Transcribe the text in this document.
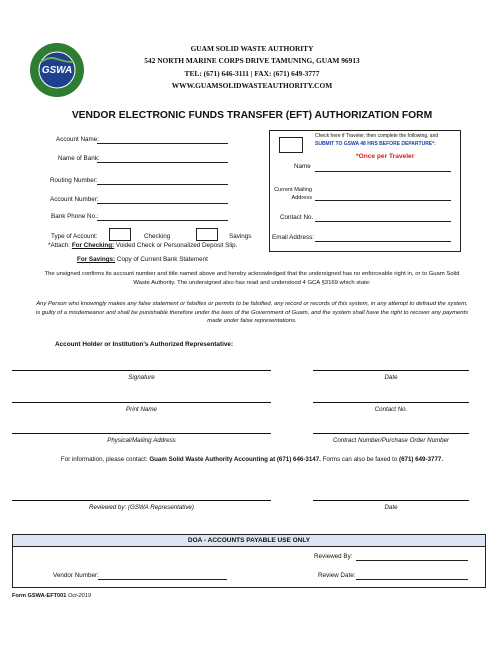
GSWA
GUAM SOLID WASTE AUTHORITY
542 NORTH MARINE CORPS DRIVE TAMUNING, GUAM 96913
TEL: (671) 646-3111 | FAX: (671) 649-3777
WWW.GUAMSOLIDWASTEAUTHORITY.COM
VENDOR ELECTRONIC FUNDS TRANSFER (EFT) AUTHORIZATION FORM
Account Name:
Name of Bank:
Routing Number:
Account Number:
Bank Phone No.:
Type of Account:	Checking	Savings
*Attach: For Checking: Voided Check or Personalized Deposit Slip.
For Savings: Copy of Current Bank Statement
Check here if Traveler, then complete the following, and
SUBMIT TO GSWA 48 HRS BEFORE DEPARTURE*:
*Once per Traveler
Name
Current Mailing
Address
Contact No.
Email Address:
The unsigned confirms its account number and title named above and hereby acknowledged that the undersigned has no enforceable right in, or to Guam Solid
Waste Authority. The undersigned also has read and understood 4 GCA §3169 which state:
Any Person who knowingly makes any false statement or falsifies or permits to be falsified, any record or records of this system, in any attempt to defraud the system,
is guilty of a misdemeanor and shall be punishable therefore under the laws of the Government of Guam, and the system shall have the right to recover any payments
made under false representations.
Account Holder or Institution's Authorized Representative:
Signature	Date
Print Name	Contact No.
Physical/Mailing Address	Contract Number/Purchase Order Number
For information, please contact: Guam Solid Waste Authority Accounting at (671) 646-3147. Forms can also be faxed to (671) 649-3777.
Reviewed by: (GSWA Representative)	Date
DOA - ACCOUNTS PAYABLE USE ONLY
Reviewed By:
Vendor Number:	Review Date:
Form GSWA-EFT001 Oct-2019
